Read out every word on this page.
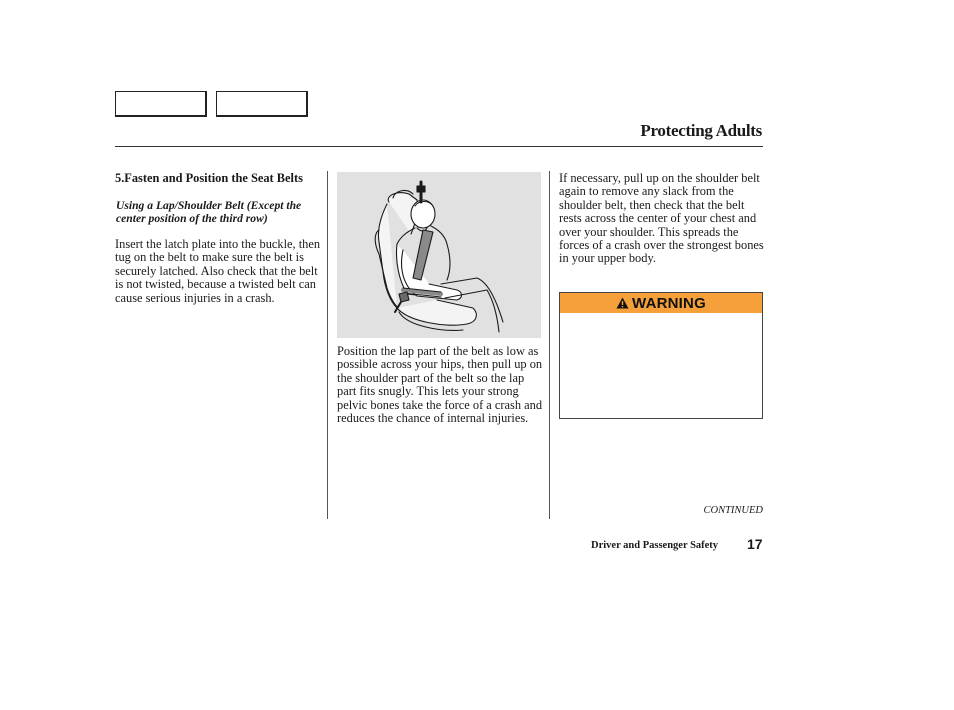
Protecting Adults
5.Fasten and Position the Seat Belts
Using a Lap/Shoulder Belt (Except the center position of the third row)
Insert the latch plate into the buckle, then tug on the belt to make sure the belt is securely latched. Also check that the belt is not twisted, because a twisted belt can cause serious injuries in a crash.
Position the lap part of the belt as low as possible across your hips, then pull up on the shoulder part of the belt so the lap part fits snugly. This lets your strong pelvic bones take the force of a crash and reduces the chance of internal injuries.
If necessary, pull up on the shoulder belt again to remove any slack from the shoulder belt, then check that the belt rests across the center of your chest and over your shoulder. This spreads the forces of a crash over the strongest bones in your upper body.
WARNING
CONTINUED
Driver and Passenger Safety 17
